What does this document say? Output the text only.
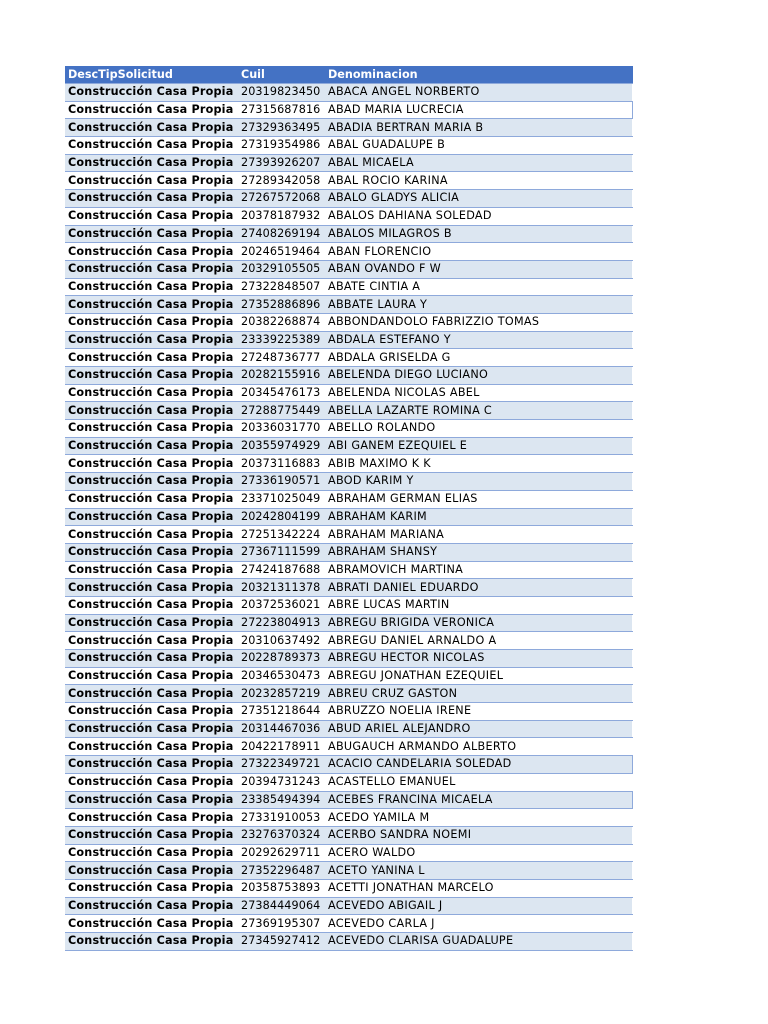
DescTipSolicitud	Cuil	Denominacion
Construcción Casa Propia	20319823450	ABACA ANGEL NORBERTO
Construcción Casa Propia	27315687816	ABAD MARIA LUCRECIA
Construcción Casa Propia	27329363495	ABADIA BERTRAN MARIA B
Construcción Casa Propia	27319354986	ABAL GUADALUPE B
Construcción Casa Propia	27393926207	ABAL MICAELA
Construcción Casa Propia	27289342058	ABAL ROCIO KARINA
Construcción Casa Propia	27267572068	ABALO GLADYS ALICIA
Construcción Casa Propia	20378187932	ABALOS DAHIANA SOLEDAD
Construcción Casa Propia	27408269194	ABALOS MILAGROS B
Construcción Casa Propia	20246519464	ABAN FLORENCIO
Construcción Casa Propia	20329105505	ABAN OVANDO F W
Construcción Casa Propia	27322848507	ABATE CINTIA A
Construcción Casa Propia	27352886896	ABBATE LAURA Y
Construcción Casa Propia	20382268874	ABBONDANDOLO FABRIZZIO TOMAS
Construcción Casa Propia	23339225389	ABDALA ESTEFANO Y
Construcción Casa Propia	27248736777	ABDALA GRISELDA G
Construcción Casa Propia	20282155916	ABELENDA DIEGO LUCIANO
Construcción Casa Propia	20345476173	ABELENDA NICOLAS ABEL
Construcción Casa Propia	27288775449	ABELLA LAZARTE ROMINA C
Construcción Casa Propia	20336031770	ABELLO ROLANDO
Construcción Casa Propia	20355974929	ABI GANEM EZEQUIEL E
Construcción Casa Propia	20373116883	ABIB MAXIMO K K
Construcción Casa Propia	27336190571	ABOD KARIM Y
Construcción Casa Propia	23371025049	ABRAHAM GERMAN ELIAS
Construcción Casa Propia	20242804199	ABRAHAM KARIM
Construcción Casa Propia	27251342224	ABRAHAM MARIANA
Construcción Casa Propia	27367111599	ABRAHAM SHANSY
Construcción Casa Propia	27424187688	ABRAMOVICH MARTINA
Construcción Casa Propia	20321311378	ABRATI DANIEL EDUARDO
Construcción Casa Propia	20372536021	ABRE LUCAS MARTIN
Construcción Casa Propia	27223804913	ABREGU BRIGIDA VERONICA
Construcción Casa Propia	20310637492	ABREGU DANIEL ARNALDO A
Construcción Casa Propia	20228789373	ABREGU HECTOR NICOLAS
Construcción Casa Propia	20346530473	ABREGU JONATHAN EZEQUIEL
Construcción Casa Propia	20232857219	ABREU CRUZ GASTON
Construcción Casa Propia	27351218644	ABRUZZO NOELIA IRENE
Construcción Casa Propia	20314467036	ABUD ARIEL ALEJANDRO
Construcción Casa Propia	20422178911	ABUGAUCH ARMANDO ALBERTO
Construcción Casa Propia	27322349721	ACACIO CANDELARIA SOLEDAD
Construcción Casa Propia	20394731243	ACASTELLO EMANUEL
Construcción Casa Propia	23385494394	ACEBES FRANCINA MICAELA
Construcción Casa Propia	27331910053	ACEDO YAMILA M
Construcción Casa Propia	23276370324	ACERBO SANDRA NOEMI
Construcción Casa Propia	20292629711	ACERO WALDO
Construcción Casa Propia	27352296487	ACETO YANINA L
Construcción Casa Propia	20358753893	ACETTI JONATHAN MARCELO
Construcción Casa Propia	27384449064	ACEVEDO ABIGAIL J
Construcción Casa Propia	27369195307	ACEVEDO CARLA J
Construcción Casa Propia	27345927412	ACEVEDO CLARISA GUADALUPE
